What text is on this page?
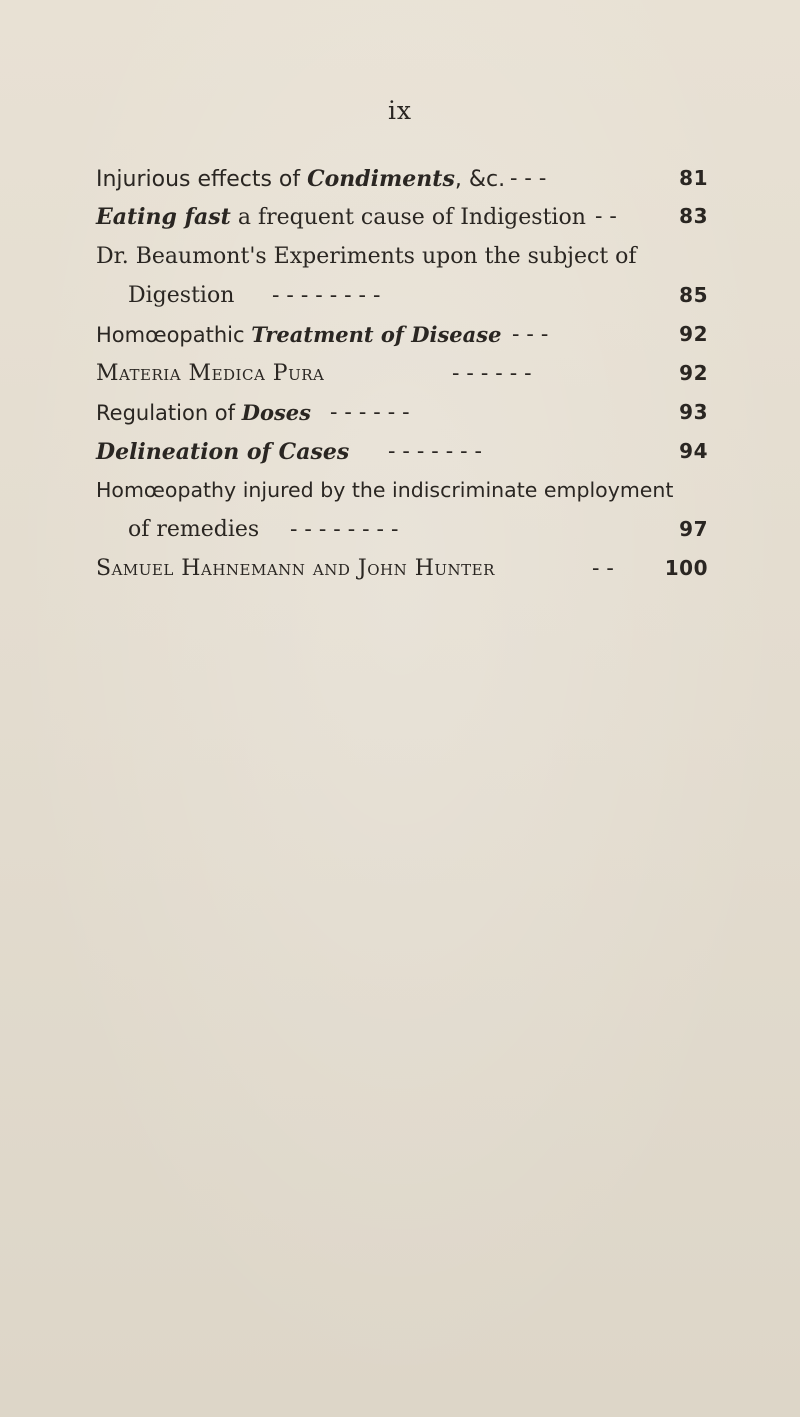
ix
Injurious effects of Condiments, &c. - - -	81
Eating fast a frequent cause of Indigestion - -	83
Dr. Beaumont's Experiments upon the subject of
Digestion - - - - - - - -	85
Homœopathic Treatment of Disease - - -	92
Materia Medica Pura	- - - - - -	92
Regulation of Doses - - - - - -	93
Delineation of Cases - - - - - - -	94
Homœopathy injured by the indiscriminate employment
of remedies - - - - - - - -	97
Samuel Hahnemann and John Hunter	- -	100
